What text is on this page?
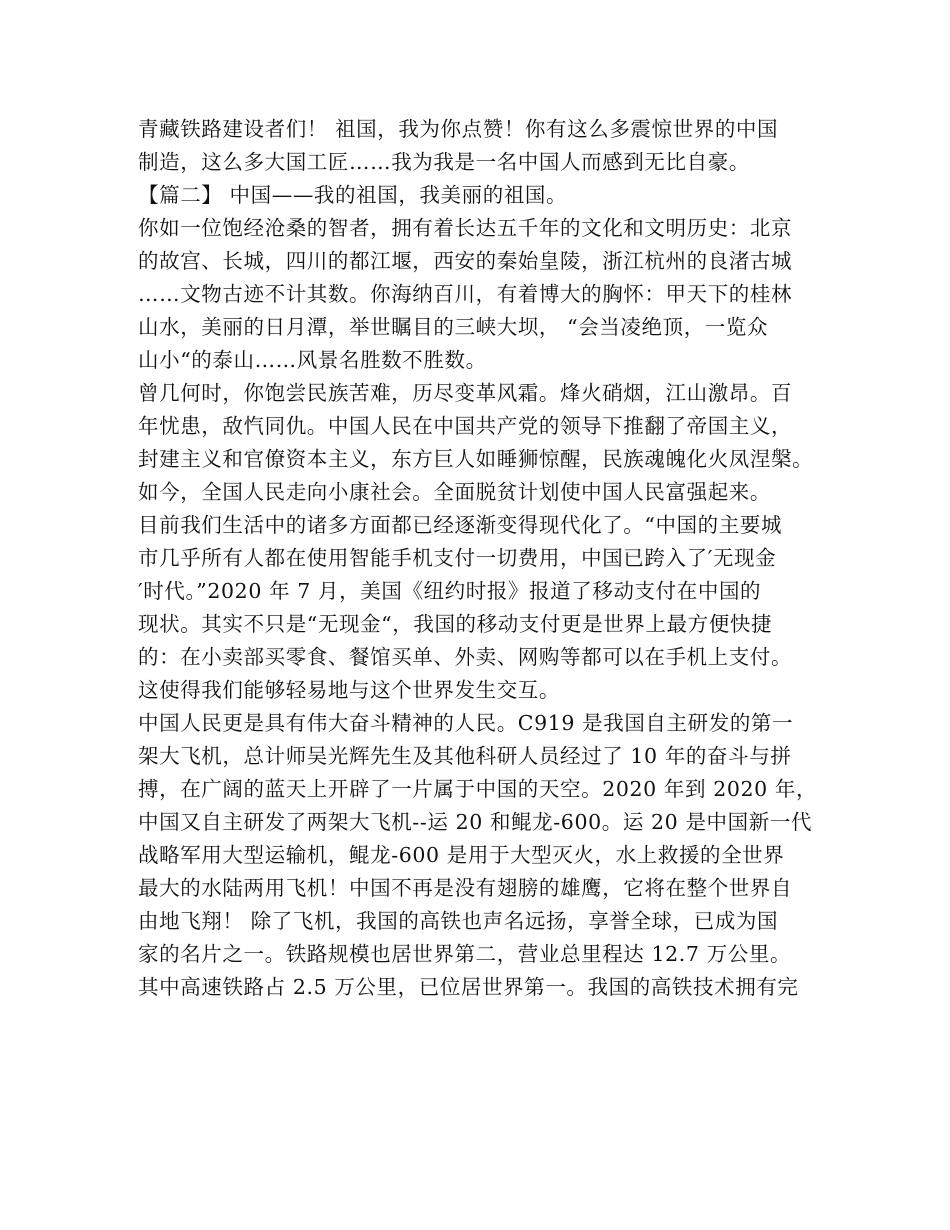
青藏铁路建设者们！ 祖国，我为你点赞！你有这么多震惊世界的中国
制造，这么多大国工匠……我为我是一名中国人而感到无比自豪。
【篇二】 中国——我的祖国，我美丽的祖国。
你如一位饱经沧桑的智者，拥有着长达五千年的文化和文明历史：北京
的故宫、长城，四川的都江堰，西安的秦始皇陵，浙江杭州的良渚古城
……文物古迹不计其数。你海纳百川，有着博大的胸怀：甲天下的桂林
山水，美丽的日月潭，举世瞩目的三峡大坝， “会当凌绝顶，一览众
山小“的泰山……风景名胜数不胜数。
曾几何时，你饱尝民族苦难，历尽变革风霜。烽火硝烟，江山激昂。百
年忧患，敌忾同仇。中国人民在中国共产党的领导下推翻了帝国主义，
封建主义和官僚资本主义，东方巨人如睡狮惊醒，民族魂魄化火凤涅槃。
如今，全国人民走向小康社会。全面脱贫计划使中国人民富强起来。
目前我们生活中的诸多方面都已经逐渐变得现代化了。“中国的主要城
市几乎所有人都在使用智能手机支付一切费用，中国已跨入了′无现金
′时代。”2020 年 7 月，美国《纽约时报》报道了移动支付在中国的
现状。其实不只是“无现金“，我国的移动支付更是世界上最方便快捷
的：在小卖部买零食、餐馆买单、外卖、网购等都可以在手机上支付。
这使得我们能够轻易地与这个世界发生交互。
中国人民更是具有伟大奋斗精神的人民。C919 是我国自主研发的第一
架大飞机，总计师吴光辉先生及其他科研人员经过了 10 年的奋斗与拼
搏，在广阔的蓝天上开辟了一片属于中国的天空。2020 年到 2020 年，
中国又自主研发了两架大飞机--运 20 和鲲龙-600。运 20 是中国新一代
战略军用大型运输机，鲲龙-600 是用于大型灭火，水上救援的全世界
最大的水陆两用飞机！中国不再是没有翅膀的雄鹰，它将在整个世界自
由地飞翔！ 除了飞机，我国的高铁也声名远扬，享誉全球，已成为国
家的名片之一。铁路规模也居世界第二，营业总里程达 12.7 万公里。
其中高速铁路占 2.5 万公里，已位居世界第一。我国的高铁技术拥有完
